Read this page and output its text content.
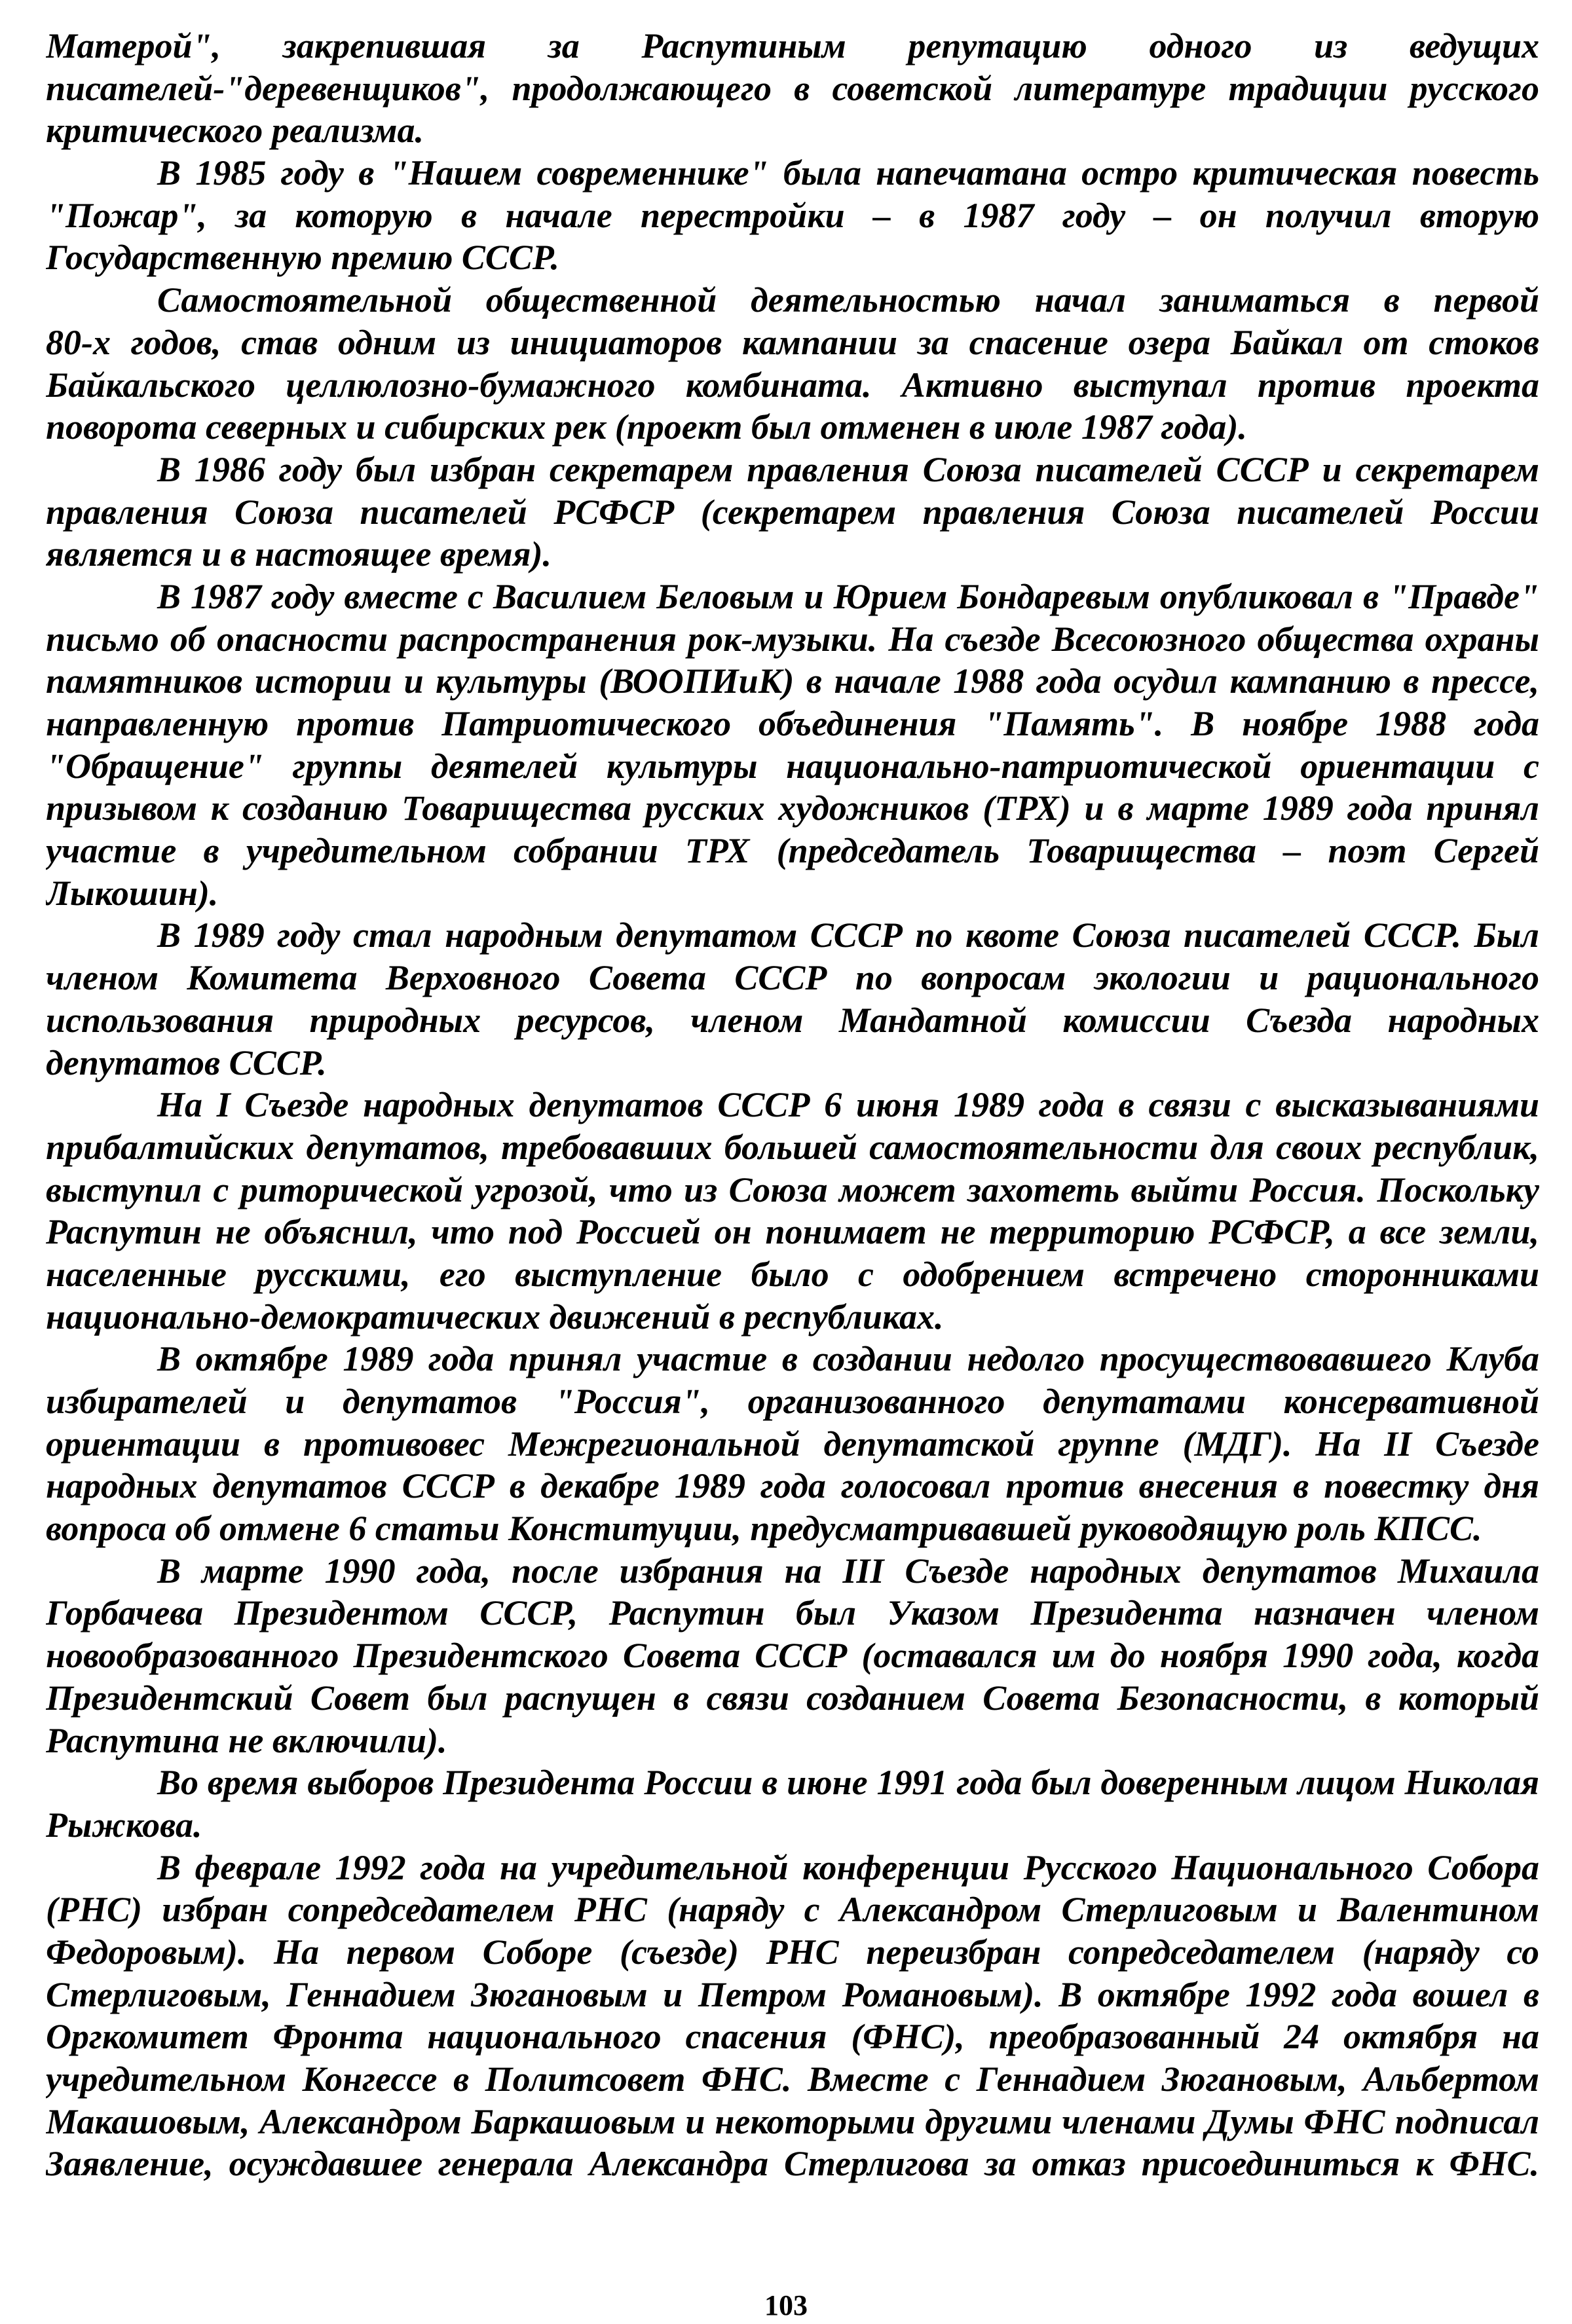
Матерой", закрепившая за Распутиным репутацию одного из ведущих
писателей-"деревенщиков", продолжающего в советской литературе традиции русского
критического реализма.
В 1985 году в "Нашем современнике" была напечатана остро критическая повесть
"Пожар", за которую в начале перестройки – в 1987 году – он получил вторую
Государственную премию СССР.
Самостоятельной общественной деятельностью начал заниматься в первой
80-х годов, став одним из инициаторов кампании за спасение озера Байкал от стоков
Байкальского целлюлозно-бумажного комбината. Активно выступал против проекта
поворота северных и сибирских рек (проект был отменен в июле 1987 года).
В 1986 году был избран секретарем правления Союза писателей СССР и секретарем
правления Союза писателей РСФСР (секретарем правления Союза писателей России
является и в настоящее время).
В 1987 году вместе с Василием Беловым и Юрием Бондаревым опубликовал в "Правде"
письмо об опасности распространения рок-музыки. На съезде Всесоюзного общества охраны
памятников истории и культуры (ВООПИиК) в начале 1988 года осудил кампанию в прессе,
направленную против Патриотического объединения "Память". В ноябре 1988 года
"Обращение" группы деятелей культуры национально-патриотической ориентации с
призывом к созданию Товарищества русских художников (ТРХ) и в марте 1989 года принял
участие в учредительном собрании ТРХ (председатель Товарищества – поэт Сергей
Лыкошин).
В 1989 году стал народным депутатом СССР по квоте Союза писателей СССР. Был
членом Комитета Верховного Совета СССР по вопросам экологии и рационального
использования природных ресурсов, членом Мандатной комиссии Съезда народных
депутатов СССР.
На I Съезде народных депутатов СССР 6 июня 1989 года в связи с высказываниями
прибалтийских депутатов, требовавших большей самостоятельности для своих республик,
выступил с риторической угрозой, что из Союза может захотеть выйти Россия. Поскольку
Распутин не объяснил, что под Россией он понимает не территорию РСФСР, а все земли,
населенные русскими, его выступление было с одобрением встречено сторонниками
национально-демократических движений в республиках.
В октябре 1989 года принял участие в создании недолго просуществовавшего Клуба
избирателей и депутатов "Россия", организованного депутатами консервативной
ориентации в противовес Межрегиональной депутатской группе (МДГ). На II Съезде
народных депутатов СССР в декабре 1989 года голосовал против внесения в повестку дня
вопроса об отмене 6 статьи Конституции, предусматривавшей руководящую роль КПСС.
В марте 1990 года, после избрания на III Съезде народных депутатов Михаила
Горбачева Президентом СССР, Распутин был Указом Президента назначен членом
новообразованного Президентского Совета СССР (оставался им до ноября 1990 года, когда
Президентский Совет был распущен в связи созданием Совета Безопасности, в который
Распутина не включили).
Во время выборов Президента России в июне 1991 года был доверенным лицом Николая
Рыжкова.
В феврале 1992 года на учредительной конференции Русского Национального Собора
(РНС) избран сопредседателем РНС (наряду с Александром Стерлиговым и Валентином
Федоровым). На первом Соборе (съезде) РНС переизбран сопредседателем (наряду со
Стерлиговым, Геннадием Зюгановым и Петром Романовым). В октябре 1992 года вошел в
Оргкомитет Фронта национального спасения (ФНС), преобразованный 24 октября на
учредительном Конгессе в Политсовет ФНС. Вместе с Геннадием Зюгановым, Альбертом
Макашовым, Александром Баркашовым и некоторыми другими членами Думы ФНС подписал
Заявление, осуждавшее генерала Александра Стерлигова за отказ присоединиться к ФНС.
103
